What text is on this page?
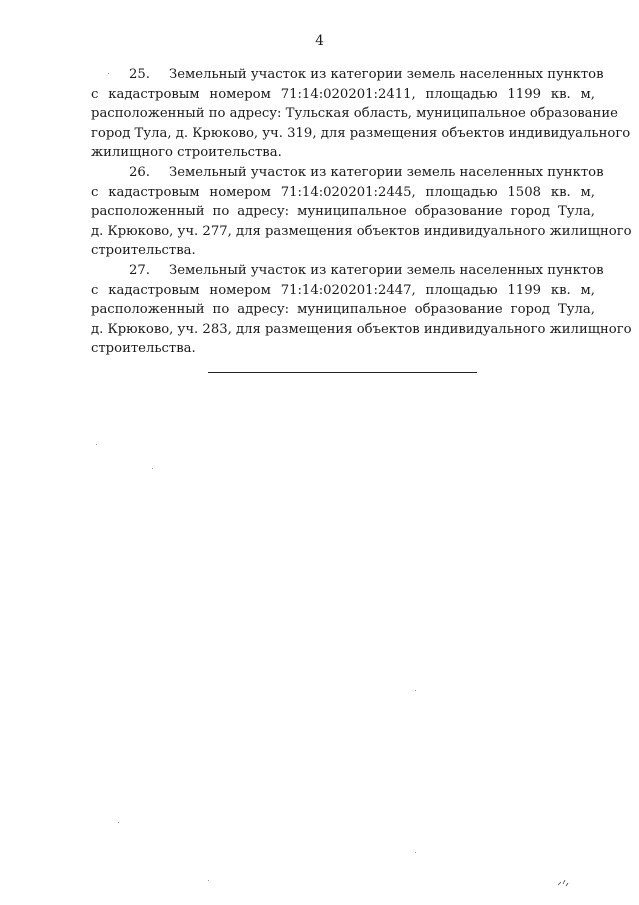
4
25. Земельный участок из категории земель населенных пунктов
с кадастровым номером 71:14:020201:2411, площадью 1199 кв. м,
расположенный по адресу: Тульская область, муниципальное образование
город Тула, д. Крюково, уч. 319, для размещения объектов индивидуального
жилищного строительства.
26. Земельный участок из категории земель населенных пунктов
с кадастровым номером 71:14:020201:2445, площадью 1508 кв. м,
расположенный по адресу: муниципальное образование город Тула,
д. Крюково, уч. 277, для размещения объектов индивидуального жилищного
строительства.
27. Земельный участок из категории земель населенных пунктов
с кадастровым номером 71:14:020201:2447, площадью 1199 кв. м,
расположенный по адресу: муниципальное образование город Тула,
д. Крюково, уч. 283, для размещения объектов индивидуального жилищного
строительства.
